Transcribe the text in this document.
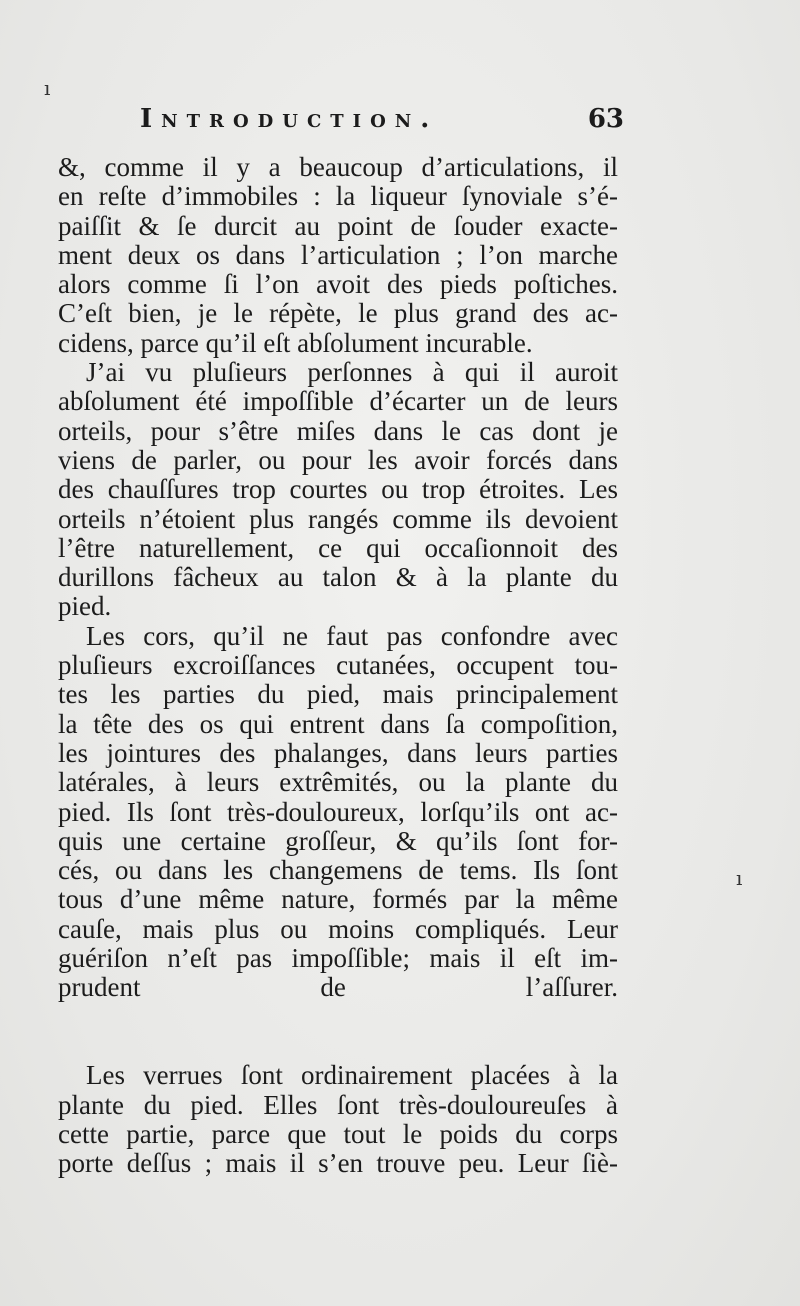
ı
ı
Introduction.	63
&, comme il y a beaucoup d’articulations, il
en reſte d’immobiles : la liqueur ſynoviale s’é-
paiſſit & ſe durcit au point de ſouder exacte-
ment deux os dans l’articulation ; l’on marche
alors comme ſi l’on avoit des pieds poſtiches.
C’eſt bien, je le répète, le plus grand des ac-
cidens, parce qu’il eſt abſolument incurable.
J’ai vu pluſieurs perſonnes à qui il auroit
abſolument été impoſſible d’écarter un de leurs
orteils, pour s’être miſes dans le cas dont je
viens de parler, ou pour les avoir forcés dans
des chauſſures trop courtes ou trop étroites. Les
orteils n’étoient plus rangés comme ils devoient
l’être naturellement, ce qui occaſionnoit des
durillons fâcheux au talon & à la plante du
pied.
Les cors, qu’il ne faut pas confondre avec
pluſieurs excroiſſances cutanées, occupent tou-
tes les parties du pied, mais principalement
la tête des os qui entrent dans ſa compoſition,
les jointures des phalanges, dans leurs parties
latérales, à leurs extrêmités, ou la plante du
pied. Ils ſont très-douloureux, lorſqu’ils ont ac-
quis une certaine groſſeur, & qu’ils ſont for-
cés, ou dans les changemens de tems. Ils ſont
tous d’une même nature, formés par la même
cauſe, mais plus ou moins compliqués. Leur
guériſon n’eſt pas impoſſible; mais il eſt im-
prudent de l’aſſurer.
Les verrues ſont ordinairement placées à la
plante du pied. Elles ſont très-douloureuſes à
cette partie, parce que tout le poids du corps
porte deſſus ; mais il s’en trouve peu. Leur ſiè-
